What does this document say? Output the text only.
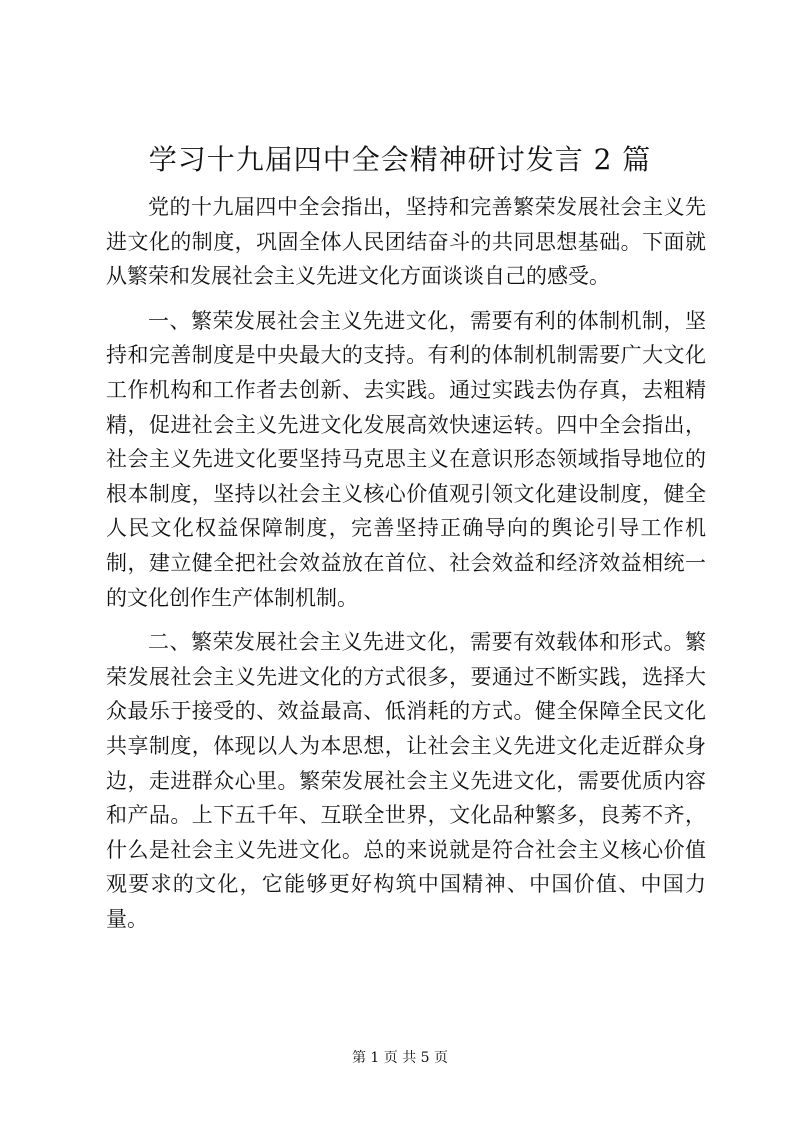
学习十九届四中全会精神研讨发言 2 篇

党的十九届四中全会指出，坚持和完善繁荣发展社会主义先进文化的制度，巩固全体人民团结奋斗的共同思想基础。下面就从繁荣和发展社会主义先进文化方面谈谈自己的感受。

一、繁荣发展社会主义先进文化，需要有利的体制机制，坚持和完善制度是中央最大的支持。有利的体制机制需要广大文化工作机构和工作者去创新、去实践。通过实践去伪存真，去粗精精，促进社会主义先进文化发展高效快速运转。四中全会指出，社会主义先进文化要坚持马克思主义在意识形态领域指导地位的根本制度，坚持以社会主义核心价值观引领文化建设制度，健全人民文化权益保障制度，完善坚持正确导向的舆论引导工作机制，建立健全把社会效益放在首位、社会效益和经济效益相统一的文化创作生产体制机制。

二、繁荣发展社会主义先进文化，需要有效载体和形式。繁荣发展社会主义先进文化的方式很多，要通过不断实践，选择大众最乐于接受的、效益最高、低消耗的方式。健全保障全民文化共享制度，体现以人为本思想，让社会主义先进文化走近群众身边，走进群众心里。繁荣发展社会主义先进文化，需要优质内容和产品。上下五千年、互联全世界，文化品种繁多，良莠不齐，什么是社会主义先进文化。总的来说就是符合社会主义核心价值观要求的文化，它能够更好构筑中国精神、中国价值、中国力量。

第 1 页 共 5 页
